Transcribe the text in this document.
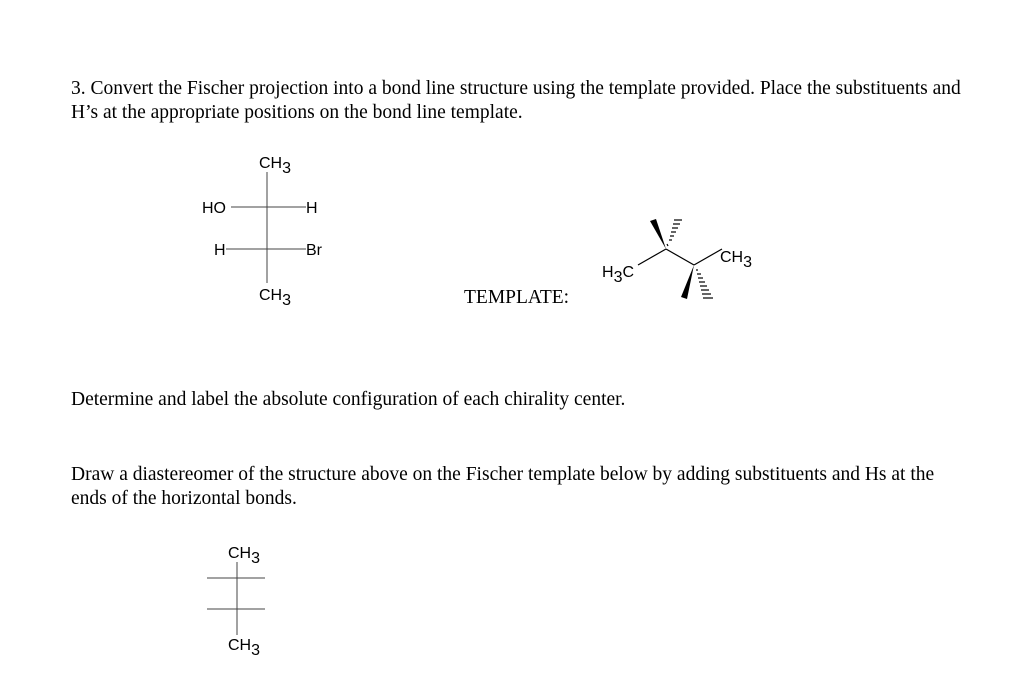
3. Convert the Fischer projection into a bond line structure using the template provided. Place the substituents and H’s at the appropriate positions on the bond line template.

CH3
HO	H
H	Br
CH3
H3C
CH3
CH3
CH3
TEMPLATE:

Determine and label the absolute configuration of each chirality center.

Draw a diastereomer of the structure above on the Fischer template below by adding substituents and Hs at the ends of the horizontal bonds.
